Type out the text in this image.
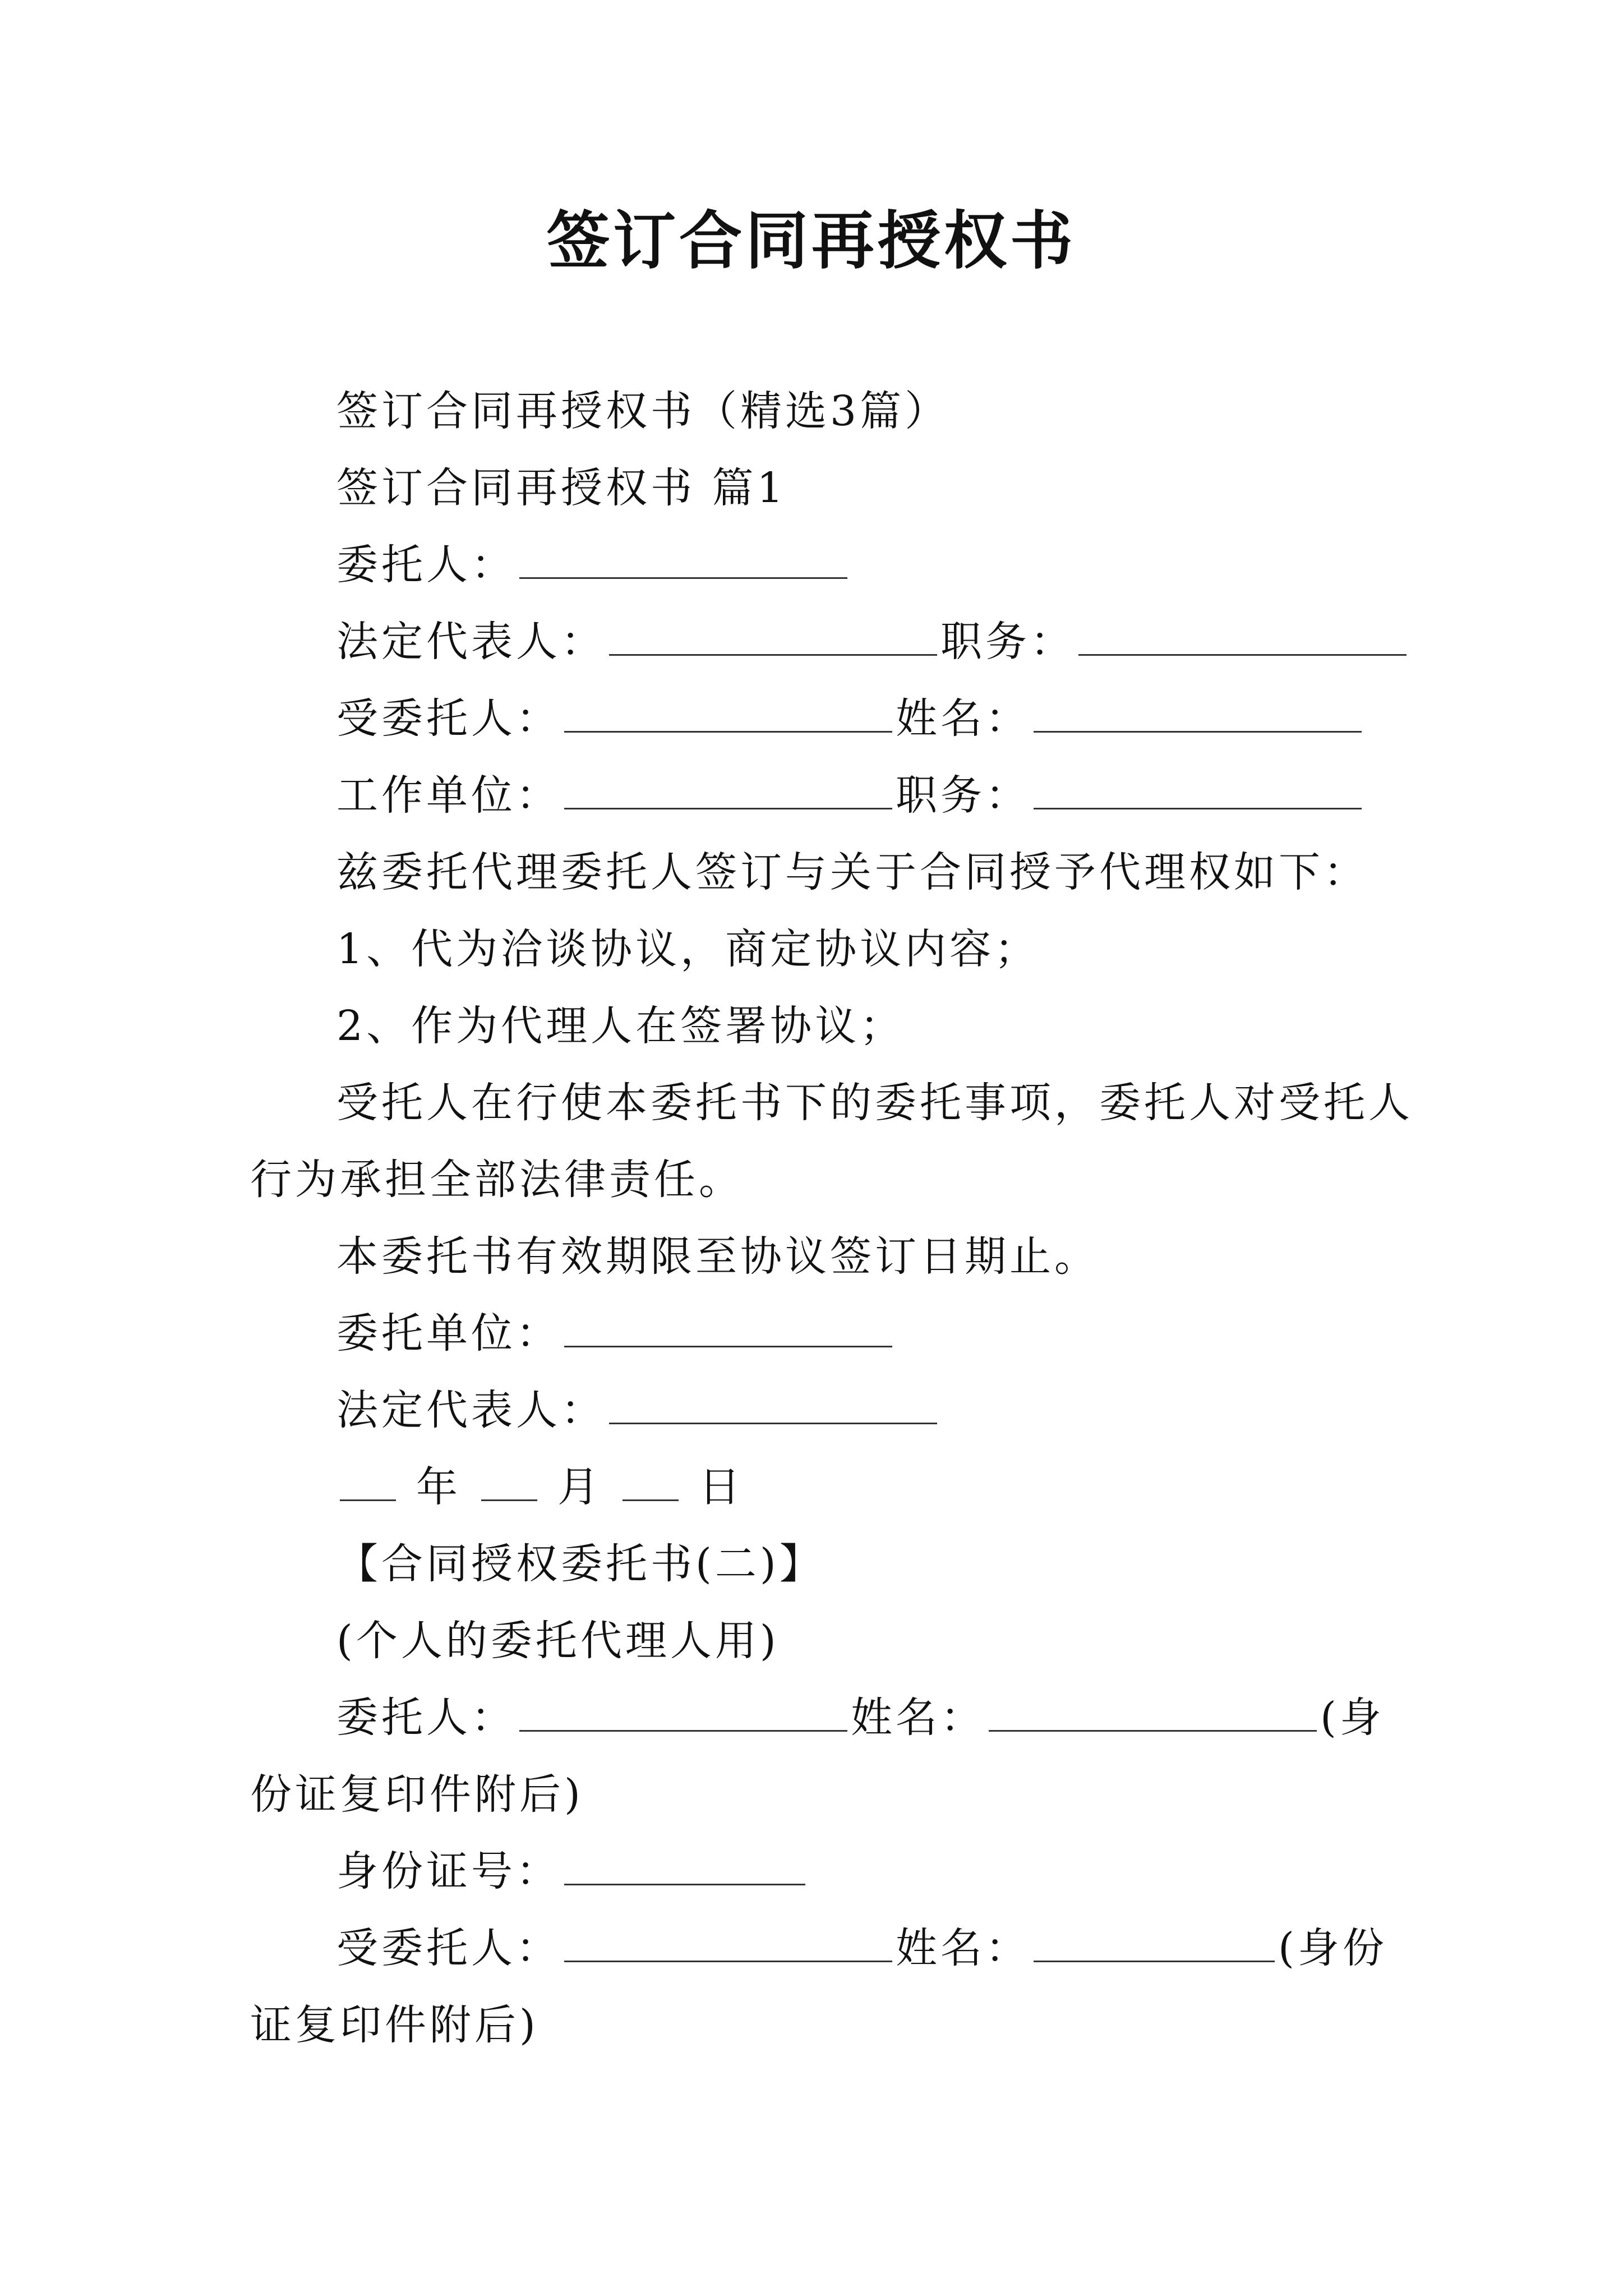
签订合同再授权书

签订合同再授权书（精选3篇）

签订合同再授权书 篇1

委托人：

法定代表人：	职务：

受委托人：	姓名：

工作单位：	职务：

兹委托代理委托人签订与关于合同授予代理权如下：

1、代为洽谈协议，商定协议内容；

2、作为代理人在签署协议；

受托人在行使本委托书下的委托事项，委托人对受托人

行为承担全部法律责任。

本委托书有效期限至协议签订日期止。

委托单位：

法定代表人：

年 月 日

【合同授权委托书(二)】

(个人的委托代理人用)

委托人：	姓名：	(身

份证复印件附后)

身份证号：

受委托人：	姓名：	(身份

证复印件附后)
